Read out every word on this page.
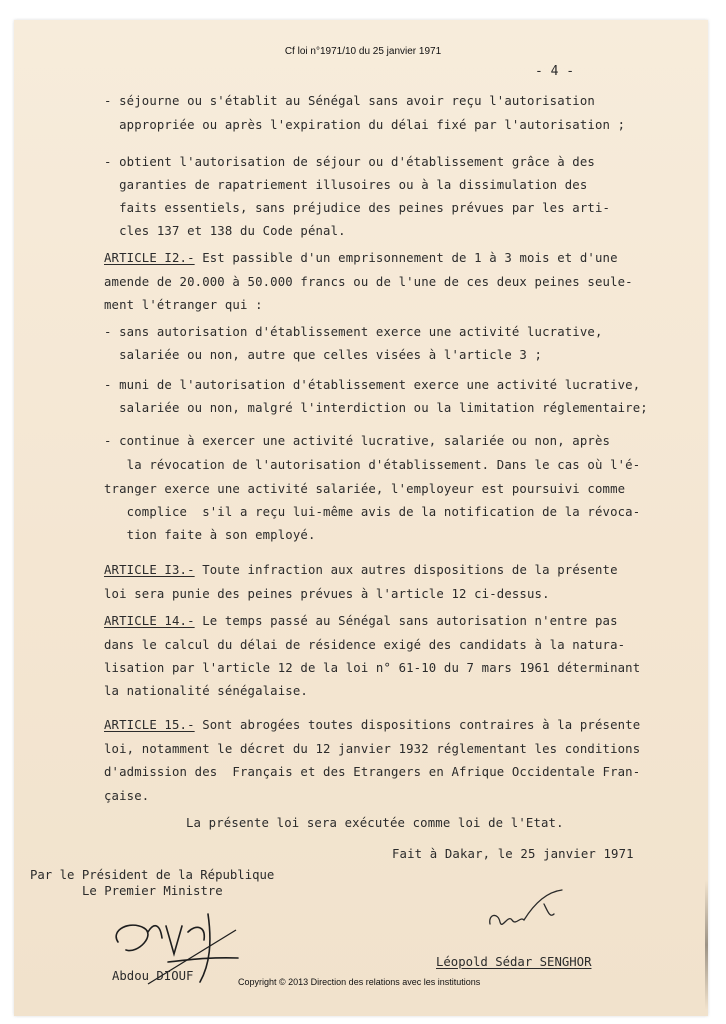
Cf loi n°1971/10 du 25 janvier 1971
- 4 -
- séjourne ou s'établit au Sénégal sans avoir reçu l'autorisation
appropriée ou après l'expiration du délai fixé par l'autorisation ;
- obtient l'autorisation de séjour ou d'établissement grâce à des
garanties de rapatriement illusoires ou à la dissimulation des
faits essentiels, sans préjudice des peines prévues par les arti-
cles 137 et 138 du Code pénal.
ARTICLE I2.- Est passible d'un emprisonnement de 1 à 3 mois et d'une
amende de 20.000 à 50.000 francs ou de l'une de ces deux peines seule-
ment l'étranger qui :
- sans autorisation d'établissement exerce une activité lucrative,
salariée ou non, autre que celles visées à l'article 3 ;
- muni de l'autorisation d'établissement exerce une activité lucrative,
salariée ou non, malgré l'interdiction ou la limitation réglementaire;
- continue à exercer une activité lucrative, salariée ou non, après
la révocation de l'autorisation d'établissement. Dans le cas où l'é-
tranger exerce une activité salariée, l'employeur est poursuivi comme
complice  s'il a reçu lui-même avis de la notification de la révoca-
tion faite à son employé.
ARTICLE I3.- Toute infraction aux autres dispositions de la présente
loi sera punie des peines prévues à l'article 12 ci-dessus.
ARTICLE 14.- Le temps passé au Sénégal sans autorisation n'entre pas
dans le calcul du délai de résidence exigé des candidats à la natura-
lisation par l'article 12 de la loi n° 61-10 du 7 mars 1961 déterminant
la nationalité sénégalaise.
ARTICLE 15.- Sont abrogées toutes dispositions contraires à la présente
loi, notamment le décret du 12 janvier 1932 réglementant les conditions
d'admission des  Français et des Etrangers en Afrique Occidentale Fran-
çaise.
La présente loi sera exécutée comme loi de l'Etat.
Fait à Dakar, le 25 janvier 1971
Par le Président de la République
Le Premier Ministre
Abdou DIOUF
Léopold Sédar SENGHOR
Copyright © 2013 Direction des relations avec les institutions
